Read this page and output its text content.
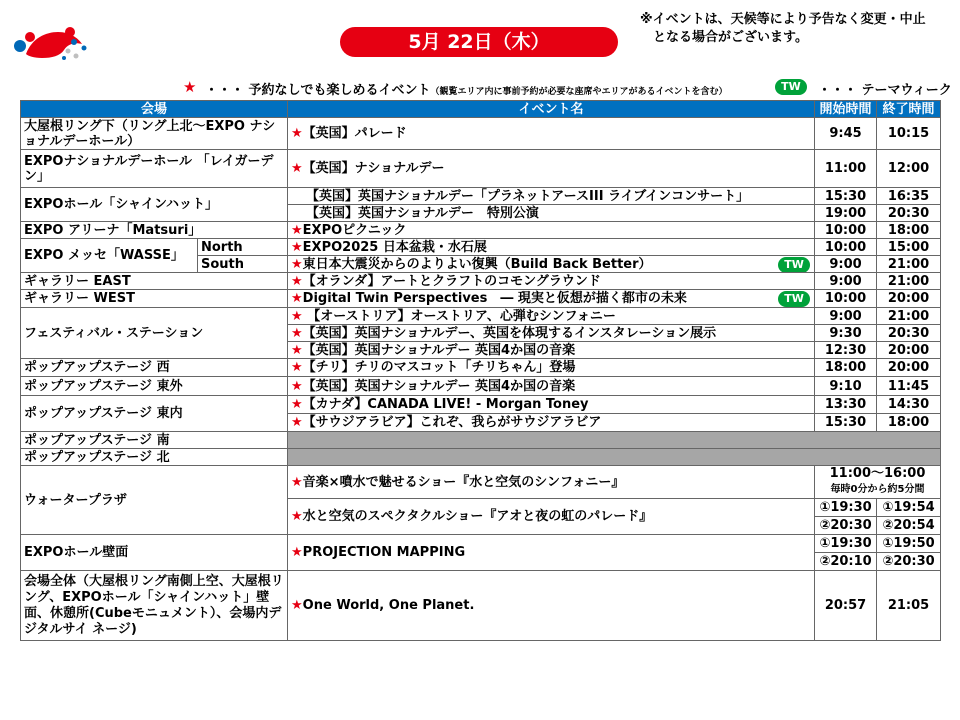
5月 22日（木）
※イベントは、天候等により予告なく変更・中止
　となる場合がございます。
★ ・・・ 予約なしでも楽しめるイベント（観覧エリア内に事前予約が必要な座席やエリアがあるイベントを含む）	TW	・・・ テーマウィーク
会場		イベント名	開始時間	終了時間
大屋根リング下（リング上北〜EXPO ナショナルデーホール）		★【英国】パレード	9:45	10:15
EXPOナショナルデーホール 「レイガーデン」		★【英国】ナショナルデー	11:00	12:00
EXPOホール「シャインハット」		【英国】英国ナショナルデー「プラネットアースIII ライブインコンサート」	15:30	16:35
		【英国】英国ナショナルデー　特別公演	19:00	20:30
EXPO アリーナ「Matsuri」		★EXPOピクニック	10:00	18:00
EXPO メッセ「WASSE」	North	★EXPO2025 日本盆栽・水石展	10:00	15:00
	South	★東日本大震災からのよりよい復興（Build Back Better） TW	9:00	21:00
ギャラリー EAST		★【オランダ】アートとクラフトのコモングラウンド	9:00	21:00
ギャラリー WEST		★Digital Twin Perspectives　― 現実と仮想が描く都市の未来 TW	10:00	20:00
フェスティバル・ステーション		★ 【オーストリア】オーストリア、心弾むシンフォニー	9:00	21:00
		★【英国】英国ナショナルデー、英国を体現するインスタレーション展示	9:30	20:30
		★【英国】英国ナショナルデー 英国4か国の音楽	12:30	20:00
ポップアップステージ 西		★【チリ】チリのマスコット「チリちゃん」登場	18:00	20:00
ポップアップステージ 東外		★【英国】英国ナショナルデー 英国4か国の音楽	9:10	11:45
ポップアップステージ 東内		★【カナダ】CANADA LIVE! - Morgan Toney	13:30	14:30
		★【サウジアラビア】これぞ、我らがサウジアラビア	15:30	18:00
ポップアップステージ 南				
ポップアップステージ 北				
ウォータープラザ		★音楽×噴水で魅せるショー『水と空気のシンフォニー』	11:00〜16:00
毎時0分から約5分間	

		★水と空気のスペクタクルショー『アオと夜の虹のパレード』	①19:30	①19:54
			②20:30	②20:54
EXPOホール壁面		★PROJECTION MAPPING	①19:30	①19:50
			②20:10	②20:30
会場全体（大屋根リング南側上空、大屋根リング、EXPOホール「シャインハット」壁面、休憩所(Cubeモニュメント）、会場内デジタルサイ ネージ)		★One World, One Planet.	20:57	21:05
